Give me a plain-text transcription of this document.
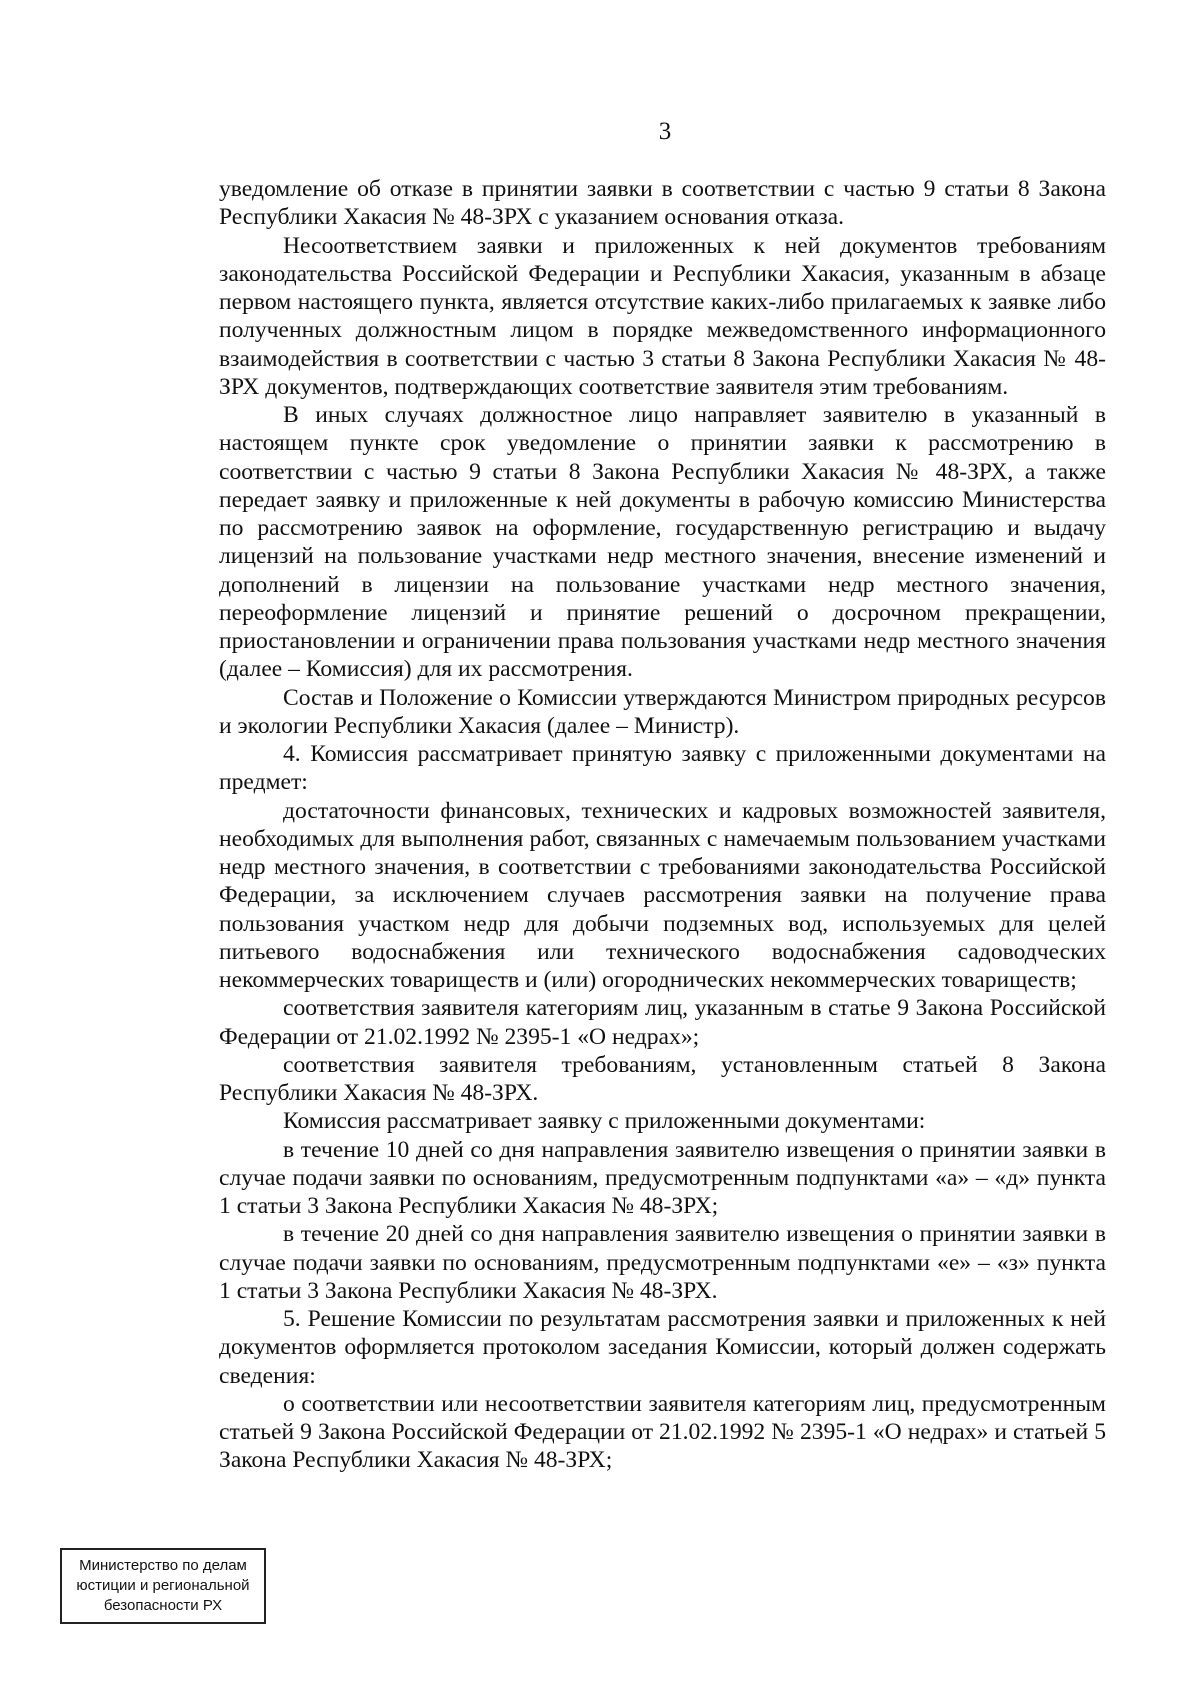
3

уведомление об отказе в принятии заявки в соответствии с частью 9 статьи 8 Закона Республики Хакасия № 48-ЗРХ с указанием основания отказа.

Несоответствием заявки и приложенных к ней документов требованиям законодательства Российской Федерации и Республики Хакасия, указанным в абзаце первом настоящего пункта, является отсутствие каких-либо прилагаемых к заявке либо полученных должностным лицом в порядке межведомственного информационного взаимодействия в соответствии с частью 3 статьи 8 Закона Республики Хакасия № 48-ЗРХ документов, подтверждающих соответствие заявителя этим требованиям.

В иных случаях должностное лицо направляет заявителю в указанный в настоящем пункте срок уведомление о принятии заявки к рассмотрению в соответствии с частью 9 статьи 8 Закона Республики Хакасия № 48-ЗРХ, а также передает заявку и приложенные к ней документы в рабочую комиссию Министерства по рассмотрению заявок на оформление, государственную регистрацию и выдачу лицензий на пользование участками недр местного значения, внесение изменений и дополнений в лицензии на пользование участками недр местного значения, переоформление лицензий и принятие решений о досрочном прекращении, приостановлении и ограничении права пользования участками недр местного значения (далее – Комиссия) для их рассмотрения.

Состав и Положение о Комиссии утверждаются Министром природных ресурсов и экологии Республики Хакасия (далее – Министр).

4. Комиссия рассматривает принятую заявку с приложенными документами на предмет:

достаточности финансовых, технических и кадровых возможностей заявителя, необходимых для выполнения работ, связанных с намечаемым пользованием участками недр местного значения, в соответствии с требованиями законодательства Российской Федерации, за исключением случаев рассмотрения заявки на получение права пользования участком недр для добычи подземных вод, используемых для целей питьевого водоснабжения или технического водоснабжения садоводческих некоммерческих товариществ и (или) огороднических некоммерческих товариществ;

соответствия заявителя категориям лиц, указанным в статье 9 Закона Российской Федерации от 21.02.1992 № 2395-1 «О недрах»;

соответствия заявителя требованиям, установленным статьей 8 Закона Республики Хакасия № 48-ЗРХ.

Комиссия рассматривает заявку с приложенными документами:

в течение 10 дней со дня направления заявителю извещения о принятии заявки в случае подачи заявки по основаниям, предусмотренным подпунктами «а» – «д» пункта 1 статьи 3 Закона Республики Хакасия № 48-ЗРХ;

в течение 20 дней со дня направления заявителю извещения о принятии заявки в случае подачи заявки по основаниям, предусмотренным подпунктами «е» – «з» пункта 1 статьи 3 Закона Республики Хакасия № 48-ЗРХ.

5. Решение Комиссии по результатам рассмотрения заявки и приложенных к ней документов оформляется протоколом заседания Комиссии, который должен содержать сведения:

о соответствии или несоответствии заявителя категориям лиц, предусмотренным статьей 9 Закона Российской Федерации от 21.02.1992 № 2395-1 «О недрах» и статьей 5 Закона Республики Хакасия № 48-ЗРХ;

Министерство по делам
юстиции и региональной
безопасности РХ
